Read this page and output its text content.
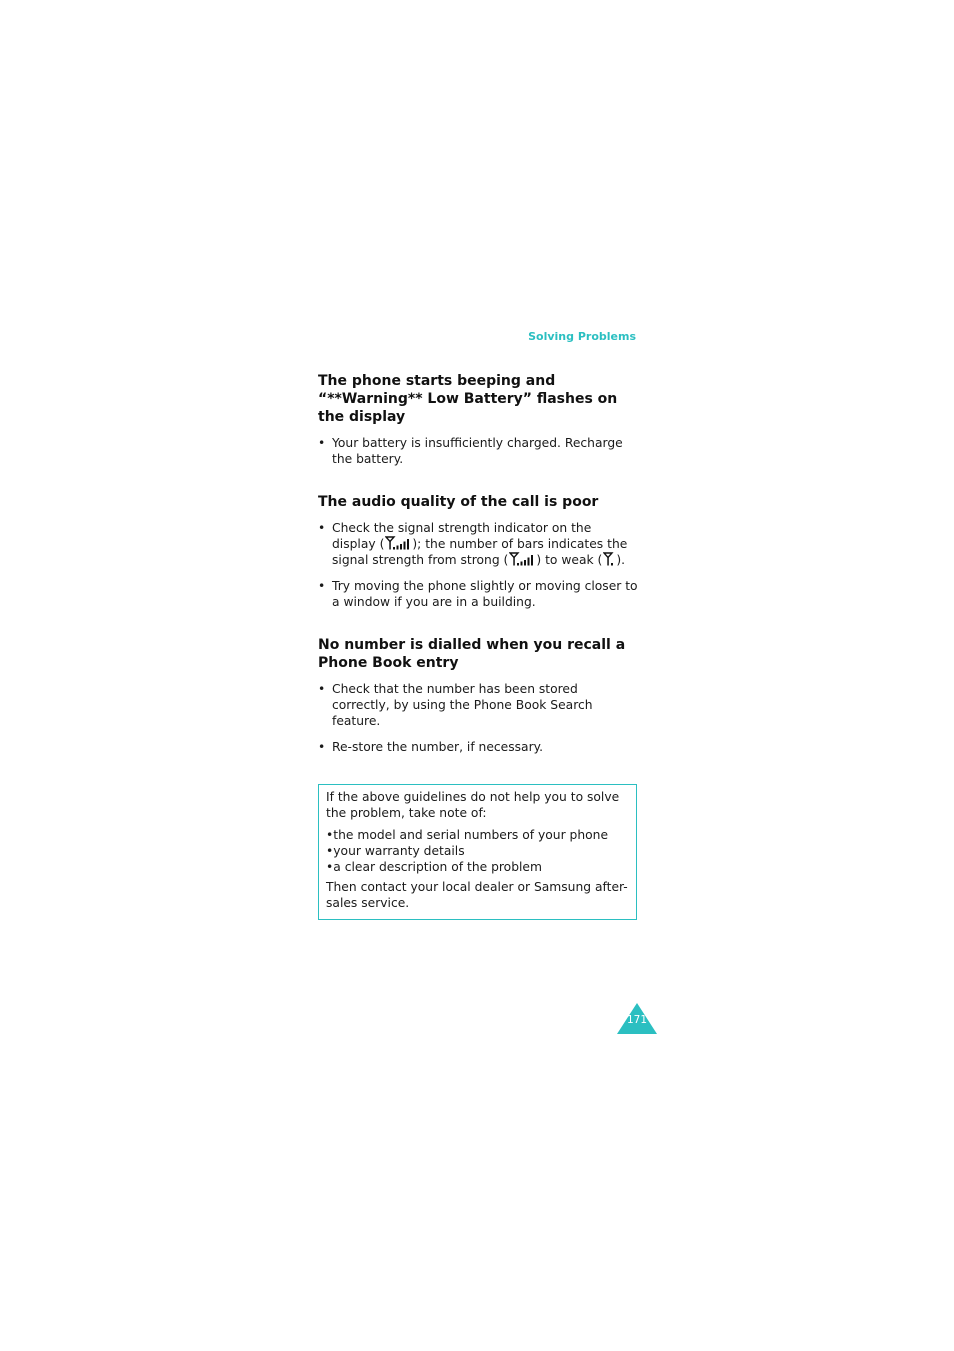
Solving Problems
The phone starts beeping and “**Warning** Low Battery” flashes on the display
• Your battery is insufficiently charged. Recharge the battery.
The audio quality of the call is poor
• Check the signal strength indicator on the display ( ); the number of bars indicates the signal strength from strong ( ) to weak ( ).
• Try moving the phone slightly or moving closer to a window if you are in a building.
No number is dialled when you recall a Phone Book entry
• Check that the number has been stored correctly, by using the Phone Book Search feature.
• Re-store the number, if necessary.

If the above guidelines do not help you to solve the problem, take note of:

• the model and serial numbers of your phone
• your warranty details
• a clear description of the problem

Then contact your local dealer or Samsung after-sales service.

171
